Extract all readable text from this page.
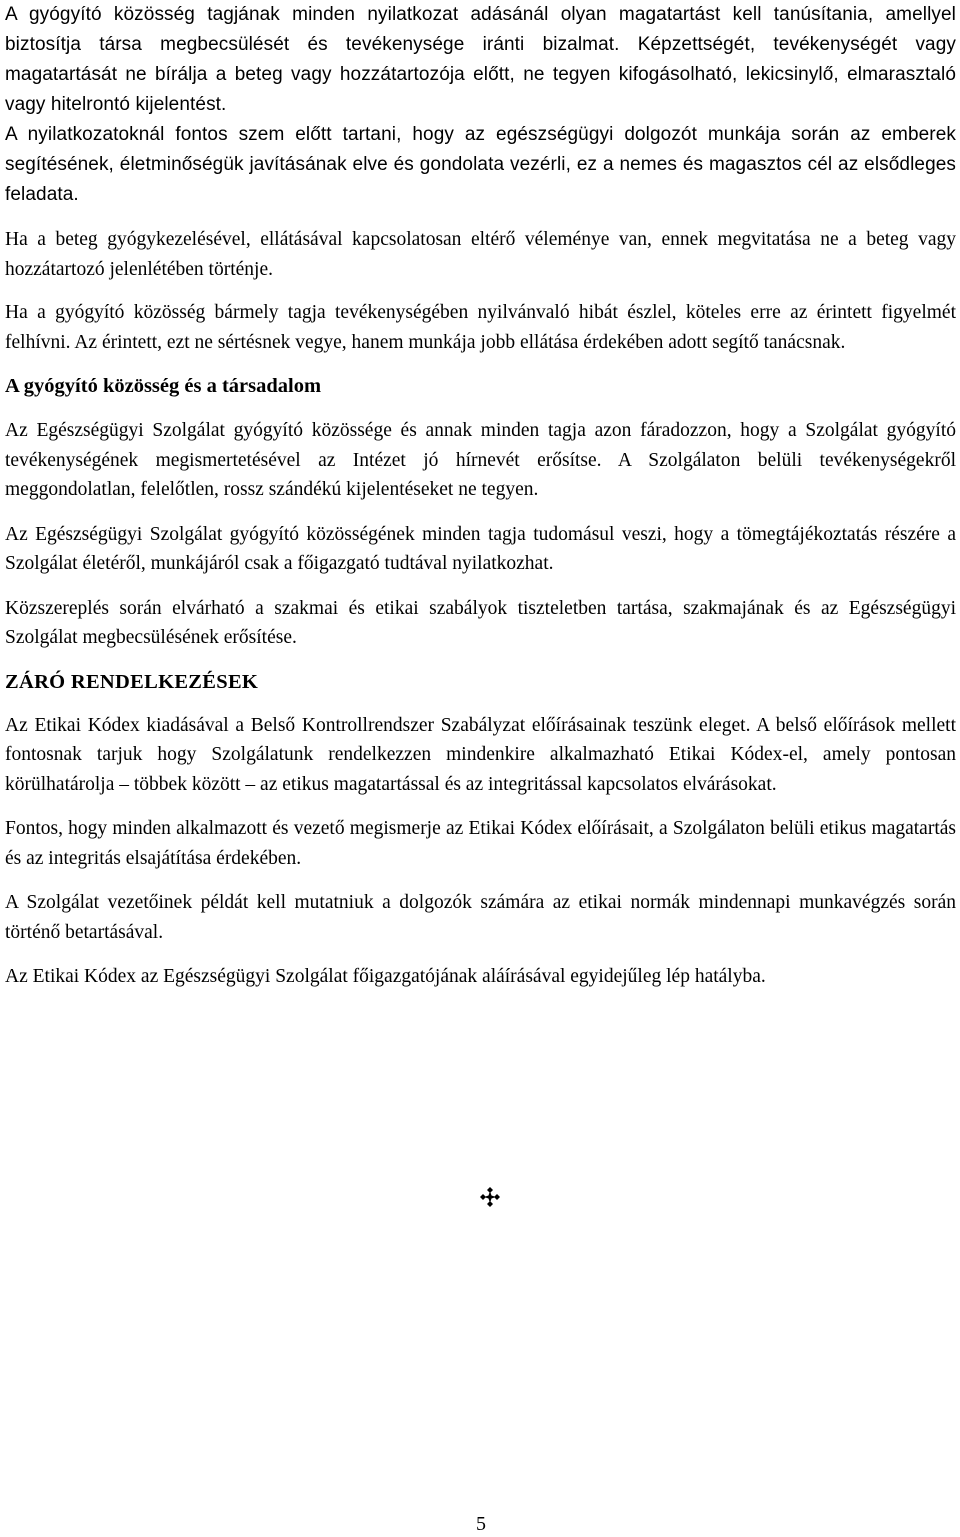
A gyógyító közösség tagjának minden nyilatkozat adásánál olyan magatartást kell tanúsítania, amellyel biztosítja társa megbecsülését és tevékenysége iránti bizalmat. Képzettségét, tevékenységét vagy magatartását ne bírálja a beteg vagy hozzátartozója előtt, ne tegyen kifogásolható, lekicsinylő, elmarasztaló vagy hitelrontó kijelentést.

A nyilatkozatoknál fontos szem előtt tartani, hogy az egészségügyi dolgozót munkája során az emberek segítésének, életminőségük javításának elve és gondolata vezérli, ez a nemes és magasztos cél az elsődleges feladata.

Ha a beteg gyógykezelésével, ellátásával kapcsolatosan eltérő véleménye van, ennek megvitatása ne a beteg vagy hozzátartozó jelenlétében történje.

Ha a gyógyító közösség bármely tagja tevékenységében nyilvánvaló hibát észlel, köteles erre az érintett figyelmét felhívni. Az érintett, ezt ne sértésnek vegye, hanem munkája jobb ellátása érdekében adott segítő tanácsnak.

A gyógyító közösség és a társadalom

Az Egészségügyi Szolgálat gyógyító közössége és annak minden tagja azon fáradozzon, hogy a Szolgálat gyógyító tevékenységének megismertetésével az Intézet jó hírnevét erősítse. A Szolgálaton belüli tevékenységekről meggondolatlan, felelőtlen, rossz szándékú kijelentéseket ne tegyen.

Az Egészségügyi Szolgálat gyógyító közösségének minden tagja tudomásul veszi, hogy a tömegtájékoztatás részére a Szolgálat életéről, munkájáról csak a főigazgató tudtával nyilatkozhat.

Közszereplés során elvárható a szakmai és etikai szabályok tiszteletben tartása, szakmajának és az Egészségügyi Szolgálat megbecsülésének erősítése.

ZÁRÓ RENDELKEZÉSEK

Az Etikai Kódex kiadásával a Belső Kontrollrendszer Szabályzat előírásainak teszünk eleget. A belső előírások mellett fontosnak tarjuk hogy Szolgálatunk rendelkezzen mindenkire alkalmazható Etikai Kódex-el, amely pontosan körülhatárolja – többek között – az etikus magatartással és az integritással kapcsolatos elvárásokat.

Fontos, hogy minden alkalmazott és vezető megismerje az Etikai Kódex előírásait, a Szolgálaton belüli etikus magatartás és az integritás elsajátítása érdekében.

A Szolgálat vezetőinek példát kell mutatniuk a dolgozók számára az etikai normák mindennapi munkavégzés során történő betartásával.

Az Etikai Kódex az Egészségügyi Szolgálat főigazgatójának aláírásával egyidejűleg lép hatályba.

5
